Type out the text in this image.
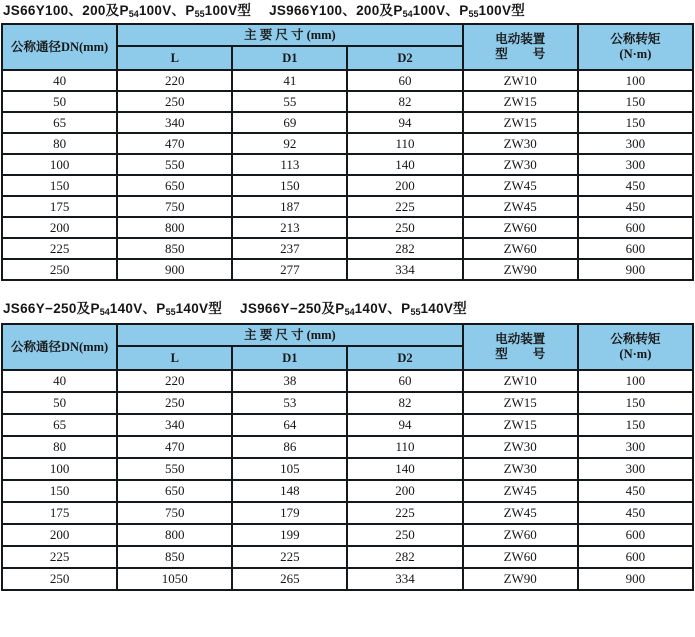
JS66Y100、200及$P_{54}100V$、$P_{55}100V$型　 JS966Y100、200及$P_{54}100V$、$P_{55}100V$型
公称通径DN(mm)	主 要 尺 寸 (mm)			电动装置
型　　号	公称转矩
(N·m)

	L	D1	D2		
40	220	41	60	ZW10	100
50	250	55	82	ZW15	150
65	340	69	94	ZW15	150
80	470	92	110	ZW30	300
100	550	113	140	ZW30	300
150	650	150	200	ZW45	450
175	750	187	225	ZW45	450
200	800	213	250	ZW60	600
225	850	237	282	ZW60	600
250	900	277	334	ZW90	900
JS66Y−250及$P_{54}140V$、$P_{55}140V$型　 JS966Y−250及$P_{54}140V$、$P_{55}140V$型
公称通径DN(mm)	主 要 尺 寸 (mm)			电动装置
型　　号	公称转矩
(N·m)

	L	D1	D2		
40	220	38	60	ZW10	100
50	250	53	82	ZW15	150
65	340	64	94	ZW15	150
80	470	86	110	ZW30	300
100	550	105	140	ZW30	300
150	650	148	200	ZW45	450
175	750	179	225	ZW45	450
200	800	199	250	ZW60	600
225	850	225	282	ZW60	600
250	1050	265	334	ZW90	900
